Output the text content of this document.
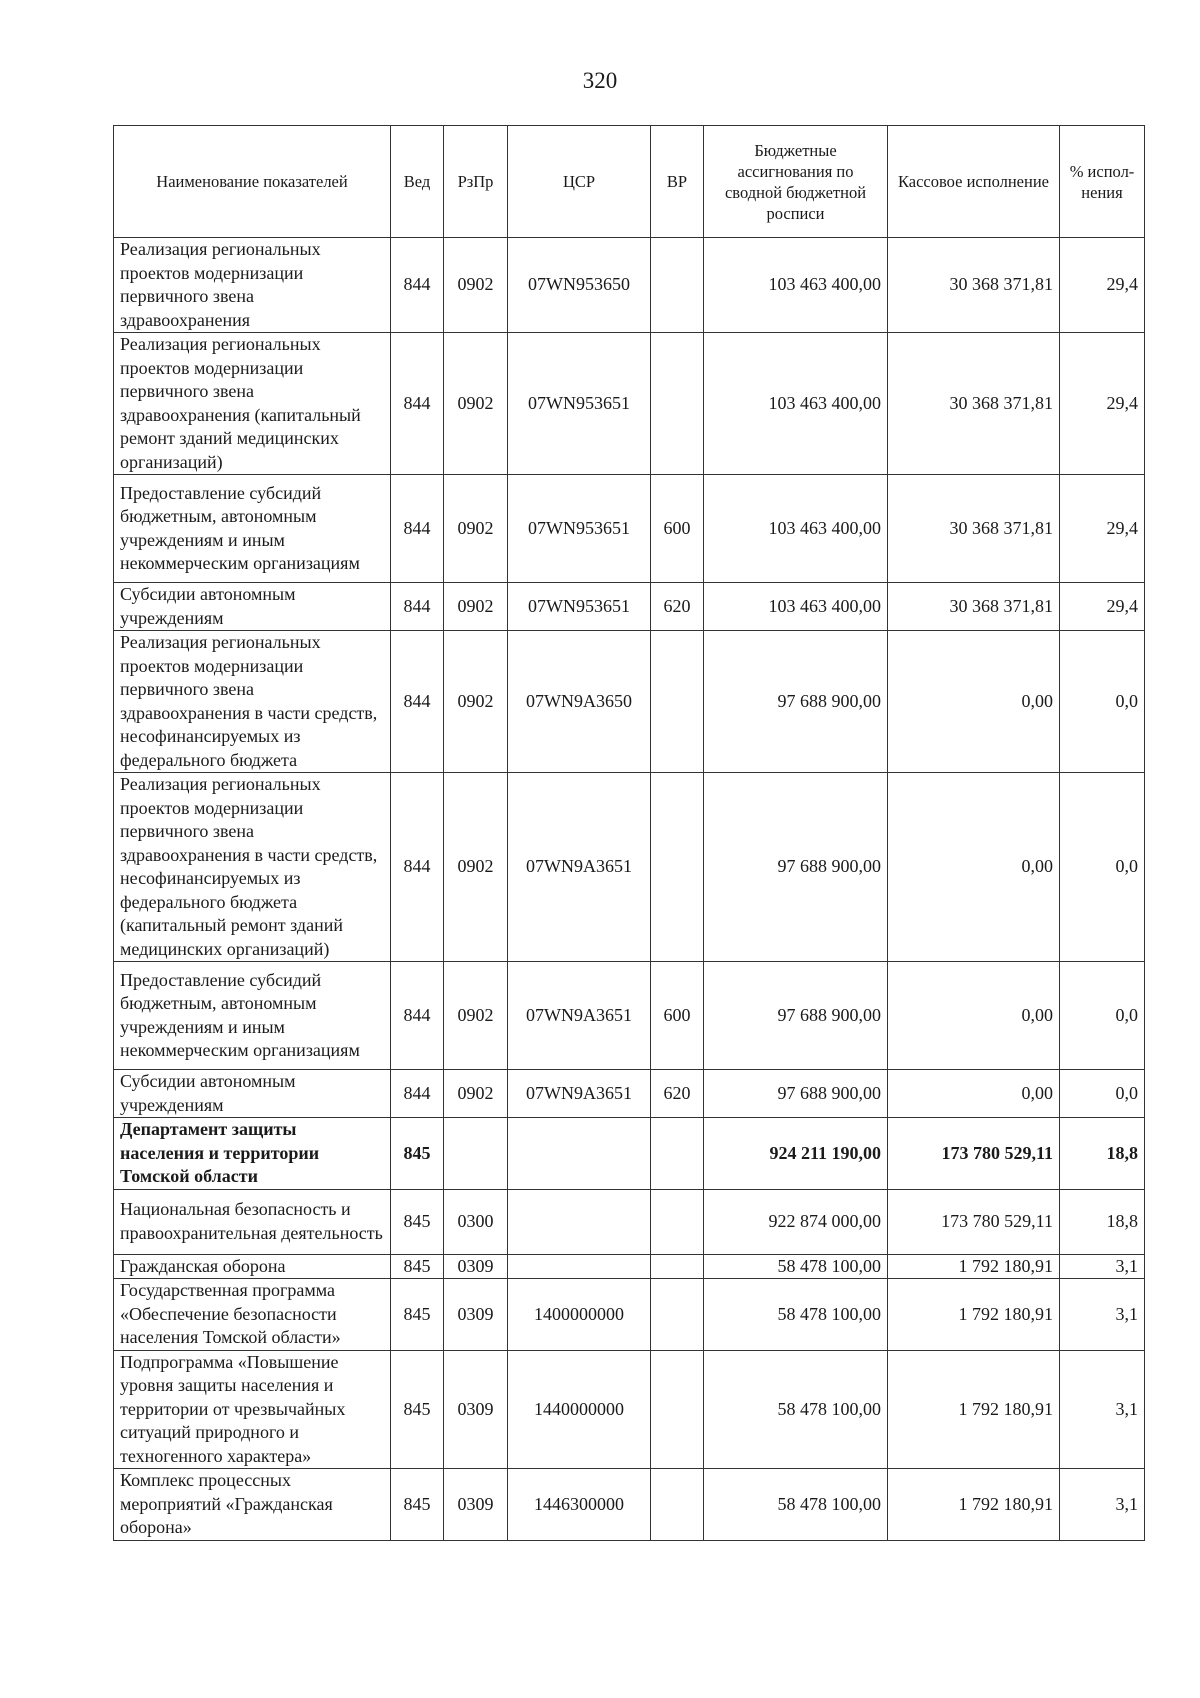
320
Наименование показателей	Вед	РзПр	ЦСР	ВР	Бюджетные ассигнования по сводной бюджетной росписи	Кассовое исполнение	% испол-нения
Реализация региональных проектов модернизации первичного звена здравоохранения	844	0902	07WN953650		103 463 400,00	30 368 371,81	29,4
Реализация региональных проектов модернизации первичного звена здравоохранения (капитальный ремонт зданий медицинских организаций)	844	0902	07WN953651		103 463 400,00	30 368 371,81	29,4
Предоставление субсидий бюджетным, автономным учреждениям и иным некоммерческим организациям	844	0902	07WN953651	600	103 463 400,00	30 368 371,81	29,4
Субсидии автономным учреждениям	844	0902	07WN953651	620	103 463 400,00	30 368 371,81	29,4
Реализация региональных проектов модернизации первичного звена здравоохранения в части средств, несофинансируемых из федерального бюджета	844	0902	07WN9A3650		97 688 900,00	0,00	0,0
Реализация региональных проектов модернизации первичного звена здравоохранения в части средств, несофинансируемых из федерального бюджета (капитальный ремонт зданий медицинских организаций)	844	0902	07WN9A3651		97 688 900,00	0,00	0,0
Предоставление субсидий бюджетным, автономным учреждениям и иным некоммерческим организациям	844	0902	07WN9A3651	600	97 688 900,00	0,00	0,0
Субсидии автономным учреждениям	844	0902	07WN9A3651	620	97 688 900,00	0,00	0,0
Департамент защиты населения и территории Томской области	845				924 211 190,00	173 780 529,11	18,8
Национальная безопасность и правоохранительная деятельность	845	0300			922 874 000,00	173 780 529,11	18,8
Гражданская оборона	845	0309			58 478 100,00	1 792 180,91	3,1
Государственная программа «Обеспечение безопасности населения Томской области»	845	0309	1400000000		58 478 100,00	1 792 180,91	3,1
Подпрограмма «Повышение уровня защиты населения и территории от чрезвычайных ситуаций природного и техногенного характера»	845	0309	1440000000		58 478 100,00	1 792 180,91	3,1
Комплекс процессных мероприятий «Гражданская оборона»	845	0309	1446300000		58 478 100,00	1 792 180,91	3,1
